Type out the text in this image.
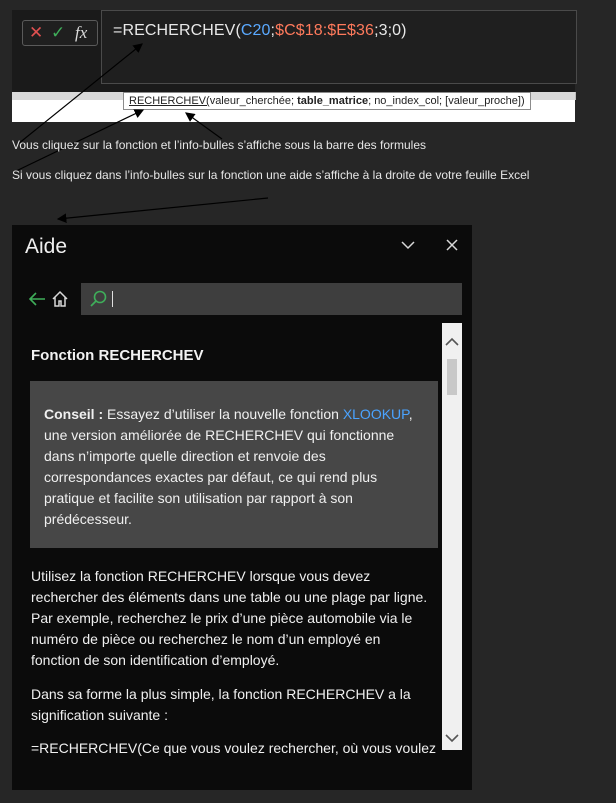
✕ ✓ fx =RECHERCHEV(C20;$C$18:$E$36;3;0)
RECHERCHEV(valeur_cherchée; table_matrice; no_index_col; [valeur_proche])
Vous cliquez sur la fonction et l’info-bulles s’affiche sous la barre des formules
Si vous cliquez dans l’info-bulles sur la fonction une aide s’affiche à la droite de votre feuille Excel
Aide
Fonction RECHERCHEV
Conseil : Essayez d’utiliser la nouvelle fonction XLOOKUP, une version améliorée de RECHERCHEV qui fonctionne dans n’importe quelle direction et renvoie des correspondances exactes par défaut, ce qui rend plus pratique et facilite son utilisation par rapport à son prédécesseur.
Utilisez la fonction RECHERCHEV lorsque vous devez rechercher des éléments dans une table ou une plage par ligne. Par exemple, recherchez le prix d’une pièce automobile via le numéro de pièce ou recherchez le nom d’un employé en fonction de son identification d’employé.
Dans sa forme la plus simple, la fonction RECHERCHEV a la signification suivante :
=RECHERCHEV(Ce que vous voulez rechercher, où vous voulez
